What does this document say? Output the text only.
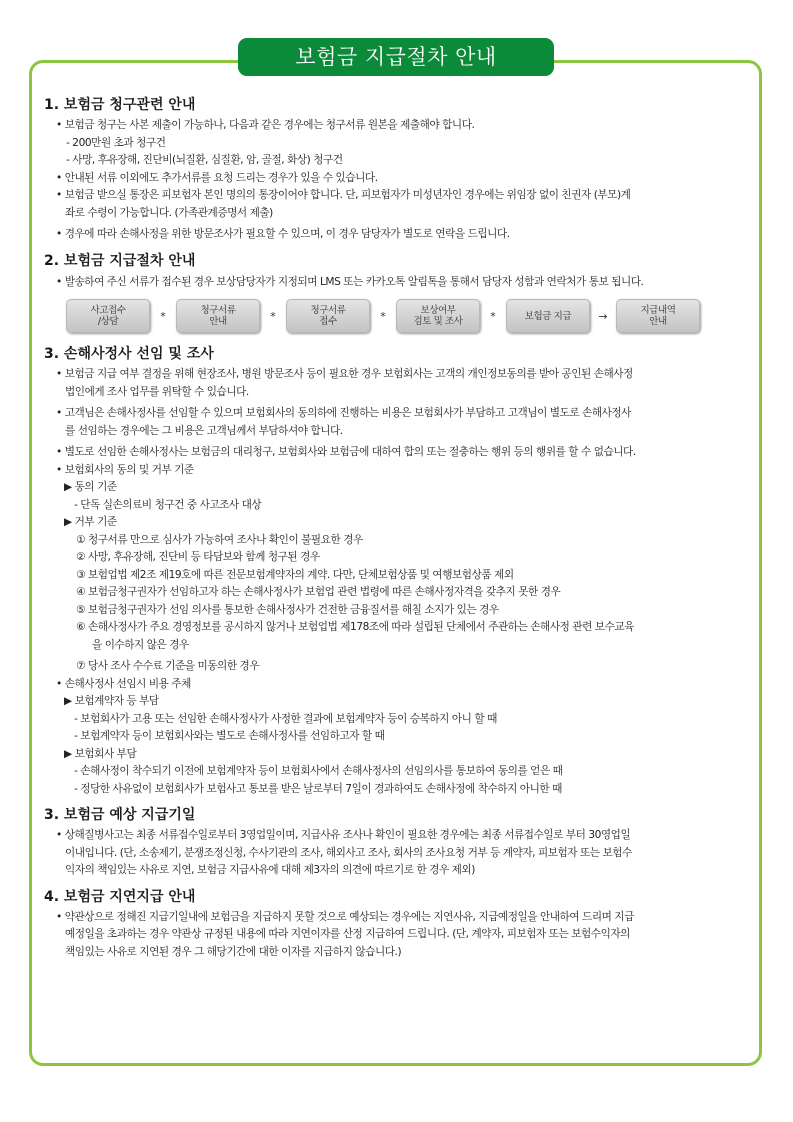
보험금 지급절차 안내

1. 보험금 청구관련 안내

• 보험금 청구는 사본 제출이 가능하나, 다음과 같은 경우에는 청구서류 원본을 제출해야 합니다.
- 200만원 초과 청구건
- 사망, 후유장해, 진단비(뇌질환, 심질환, 암, 골절, 화상) 청구건
• 안내된 서류 이외에도 추가서류를 요청 드리는 경우가 있을 수 있습니다.
• 보험금 받으실 통장은 피보험자 본인 명의의 통장이어야 합니다. 단, 피보험자가 미성년자인 경우에는 위임장 없이 친권자 (부모)계
좌로 수령이 가능합니다. (가족관계증명서 제출)
• 경우에 따라 손해사정을 위한 방문조사가 필요할 수 있으며, 이 경우 담당자가 별도로 연락을 드립니다.

2. 보험금 지급절차 안내

• 발송하여 주신 서류가 접수된 경우 보상담당자가 지정되며 LMS 또는 카카오톡 알림톡을 통해서 담당자 성함과 연락처가 통보 됩니다.
사고접수
/상담	*	청구서류
안내	*	청구서류
접수	*	보상여부
검토 및 조사	*	보험금 지급	→	지급내역
안내

3. 손해사정사 선임 및 조사

• 보험금 지급 여부 결정을 위해 현장조사, 병원 방문조사 등이 필요한 경우 보험회사는 고객의 개인정보동의를 받아 공인된 손해사정
법인에게 조사 업무를 위탁할 수 있습니다.
• 고객님은 손해사정사를 선임할 수 있으며 보험회사의 동의하에 진행하는 비용은 보험회사가 부담하고 고객님이 별도로 손해사정사
를 선임하는 경우에는 그 비용은 고객님께서 부담하셔야 합니다.
• 별도로 선임한 손해사정사는 보험금의 대리청구, 보험회사와 보험금에 대하여 합의 또는 절충하는 행위 등의 행위를 할 수 없습니다.
• 보험회사의 동의 및 거부 기준
▶ 동의 기준
- 단독 실손의료비 청구건 중 사고조사 대상
▶ 거부 기준
① 청구서류 만으로 심사가 가능하여 조사나 확인이 불필요한 경우
② 사망, 후유장해, 진단비 등 타담보와 함께 청구된 경우
③ 보험업법 제2조 제19호에 따른 전문보험계약자의 계약. 다만, 단체보험상품 및 여행보험상품 제외
④ 보험금청구권자가 선임하고자 하는 손해사정사가 보험업 관련 법령에 따른 손해사정자격을 갖추지 못한 경우
⑤ 보험금청구권자가 선임 의사를 통보한 손해사정사가 건전한 금융질서를 해칠 소지가 있는 경우
⑥ 손해사정사가 주요 경영정보를 공시하지 않거나 보험업법 제178조에 따라 설립된 단체에서 주관하는 손해사정 관련 보수교육
을 이수하지 않은 경우
⑦ 당사 조사 수수료 기준을 미동의한 경우
• 손해사정사 선임시 비용 주체
▶ 보험계약자 등 부담
- 보험회사가 고용 또는 선임한 손해사정사가 사정한 결과에 보험계약자 등이 승복하지 아니 할 때
- 보험계약자 등이 보험회사와는 별도로 손해사정사를 선임하고자 할 때
▶ 보험회사 부담
- 손해사정이 착수되기 이전에 보험계약자 등이 보험회사에서 손해사정사의 선임의사를 통보하여 동의를 얻은 때
- 정당한 사유없이 보험회사가 보험사고 통보를 받은 날로부터 7일이 경과하여도 손해사정에 착수하지 아니한 때

3. 보험금 예상 지급기일

• 상해질병사고는 최종 서류접수일로부터 3영업일이며, 지급사유 조사나 확인이 필요한 경우에는 최종 서류접수일로 부터 30영업일
이내입니다. (단, 소송제기, 분쟁조정신청, 수사기관의 조사, 해외사고 조사, 회사의 조사요청 거부 등 계약자, 피보험자 또는 보험수
익자의 책임있는 사유로 지연, 보험금 지급사유에 대해 제3자의 의견에 따르기로 한 경우 제외)

4. 보험금 지연지급 안내

• 약관상으로 정해진 지급기일내에 보험금을 지급하지 못할 것으로 예상되는 경우에는 지연사유, 지급예정일을 안내하여 드리며 지급
예정일을 초과하는 경우 약관상 규정된 내용에 따라 지연이자를 산정 지급하여 드립니다. (단, 계약자, 피보험자 또는 보험수익자의
책임있는 사유로 지연된 경우 그 해당기간에 대한 이자를 지급하지 않습니다.)
